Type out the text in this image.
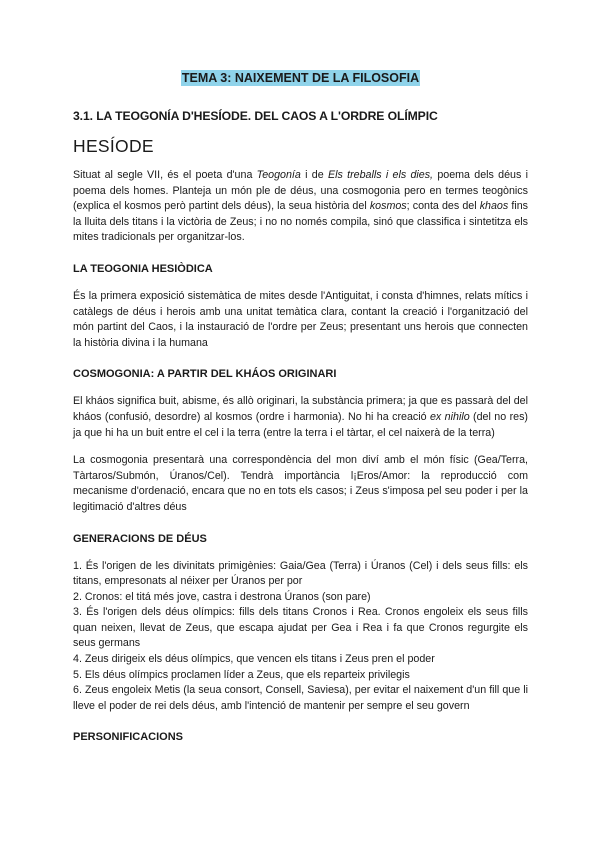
TEMA 3: NAIXEMENT DE LA FILOSOFIA
3.1. LA TEOGONÍA D'HESÍODE. DEL CAOS A L'ORDRE OLÍMPIC
HESÍODE

Situat al segle VII, és el poeta d'una Teogonía i de Els treballs i els dies, poema dels déus i poema dels homes. Planteja un món ple de déus, una cosmogonia pero en termes teogònics (explica el kosmos però partint dels déus), la seua història del kosmos; conta des del khaos fins la lluita dels titans i la victòria de Zeus; i no no només compila, sinó que classifica i sintetitza els mites tradicionals per organitzar-los.

LA TEOGONIA HESIÒDICA

És la primera exposició sistemàtica de mites desde l'Antiguitat, i consta d'himnes, relats mítics i catàlegs de déus i herois amb una unitat temàtica clara, contant la creació i l'organització del món partint del Caos, i la instauració de l'ordre per Zeus; presentant uns herois que connecten la història divina i la humana

COSMOGONIA: A PARTIR DEL KHÁOS ORIGINARI

El kháos significa buit, abisme, és allò originari, la substància primera; ja que es passarà del del kháos (confusió, desordre) al kosmos (ordre i harmonia). No hi ha creació ex nihilo (del no res) ja que hi ha un buit entre el cel i la terra (entre la terra i el tàrtar, el cel naixerà de la terra)

La cosmogonia presentarà una correspondència del mon diví amb el món físic (Gea/Terra, Tàrtaros/Submón, Úranos/Cel). Tendrà importància l¡Eros/Amor: la reproducció com mecanisme d'ordenació, encara que no en tots els casos; i Zeus s'imposa pel seu poder i per la legitimació d'altres déus

GENERACIONS DE DÉUS
1. És l'origen de les divinitats primigènies: Gaia/Gea (Terra) i Úranos (Cel) i dels seus fills: els titans, empresonats al néixer per Úranos per por
2. Cronos: el titá més jove, castra i destrona Úranos (son pare)
3. És l'origen dels déus olímpics: fills dels titans Cronos i Rea. Cronos engoleix els seus fills quan neixen, llevat de Zeus, que escapa ajudat per Gea i Rea i fa que Cronos regurgite els seus germans
4. Zeus dirigeix els déus olímpics, que vencen els titans i Zeus pren el poder
5. Els déus olímpics proclamen líder a Zeus, que els reparteix privilegis
6. Zeus engoleix Metis (la seua consort, Consell, Saviesa), per evitar el naixement d'un fill que li lleve el poder de rei dels déus, amb l'intenció de mantenir per sempre el seu govern
PERSONIFICACIONS
